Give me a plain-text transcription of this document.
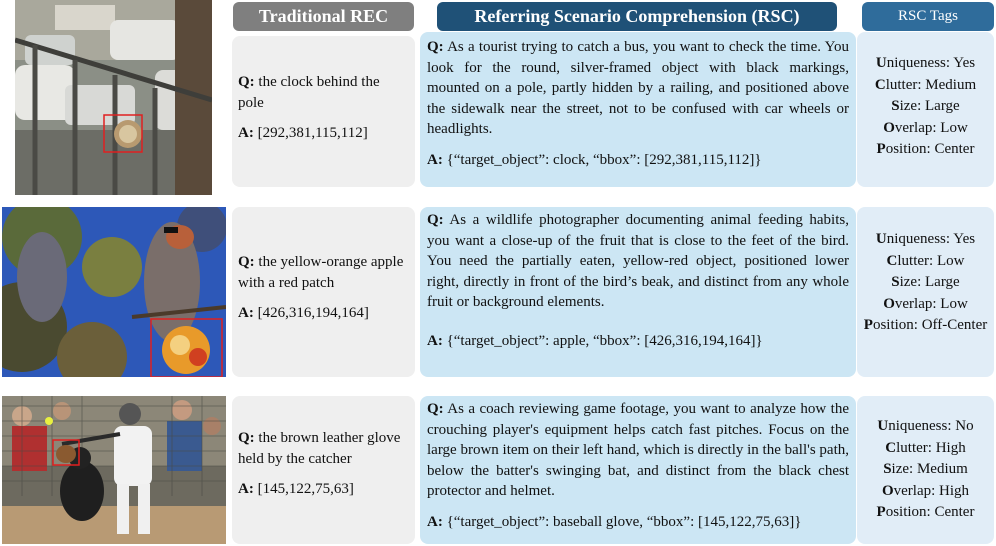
Traditional REC	Referring Scenario Comprehension (RSC)	RSC Tags
Q: the clock behind the pole
A: [292,381,115,112]
Q: As a tourist trying to catch a bus, you want to check the time. You look for the round, silver-framed object with black markings, mounted on a pole, partly hidden by a railing, and positioned above the sidewalk near the street, not to be confused with car wheels or headlights.
A: {“target_object”: clock, “bbox”: [292,381,115,112]}
Uniqueness: Yes
Clutter: Medium
Size: Large
Overlap: Low
Position: Center
Q: the yellow-orange apple with a red patch
A: [426,316,194,164]
Q: As a wildlife photographer documenting animal feeding habits, you want a close-up of the fruit that is close to the feet of the bird. You need the partially eaten, yellow-red object, positioned lower right, directly in front of the bird’s beak, and distinct from any whole fruit or background elements.
A: {“target_object”: apple, “bbox”: [426,316,194,164]}
Uniqueness: Yes
Clutter: Low
Size: Large
Overlap: Low
Position: Off-Center
Q: the brown leather glove held by the catcher
A: [145,122,75,63]
Q: As a coach reviewing game footage, you want to analyze how the crouching player's equipment helps catch fast pitches. Focus on the large brown item on their left hand, which is directly in the ball's path, below the batter's swinging bat, and distinct from the black chest protector and helmet.
A: {“target_object”: baseball glove, “bbox”: [145,122,75,63]}
Uniqueness: No
Clutter: High
Size: Medium
Overlap: High
Position: Center
